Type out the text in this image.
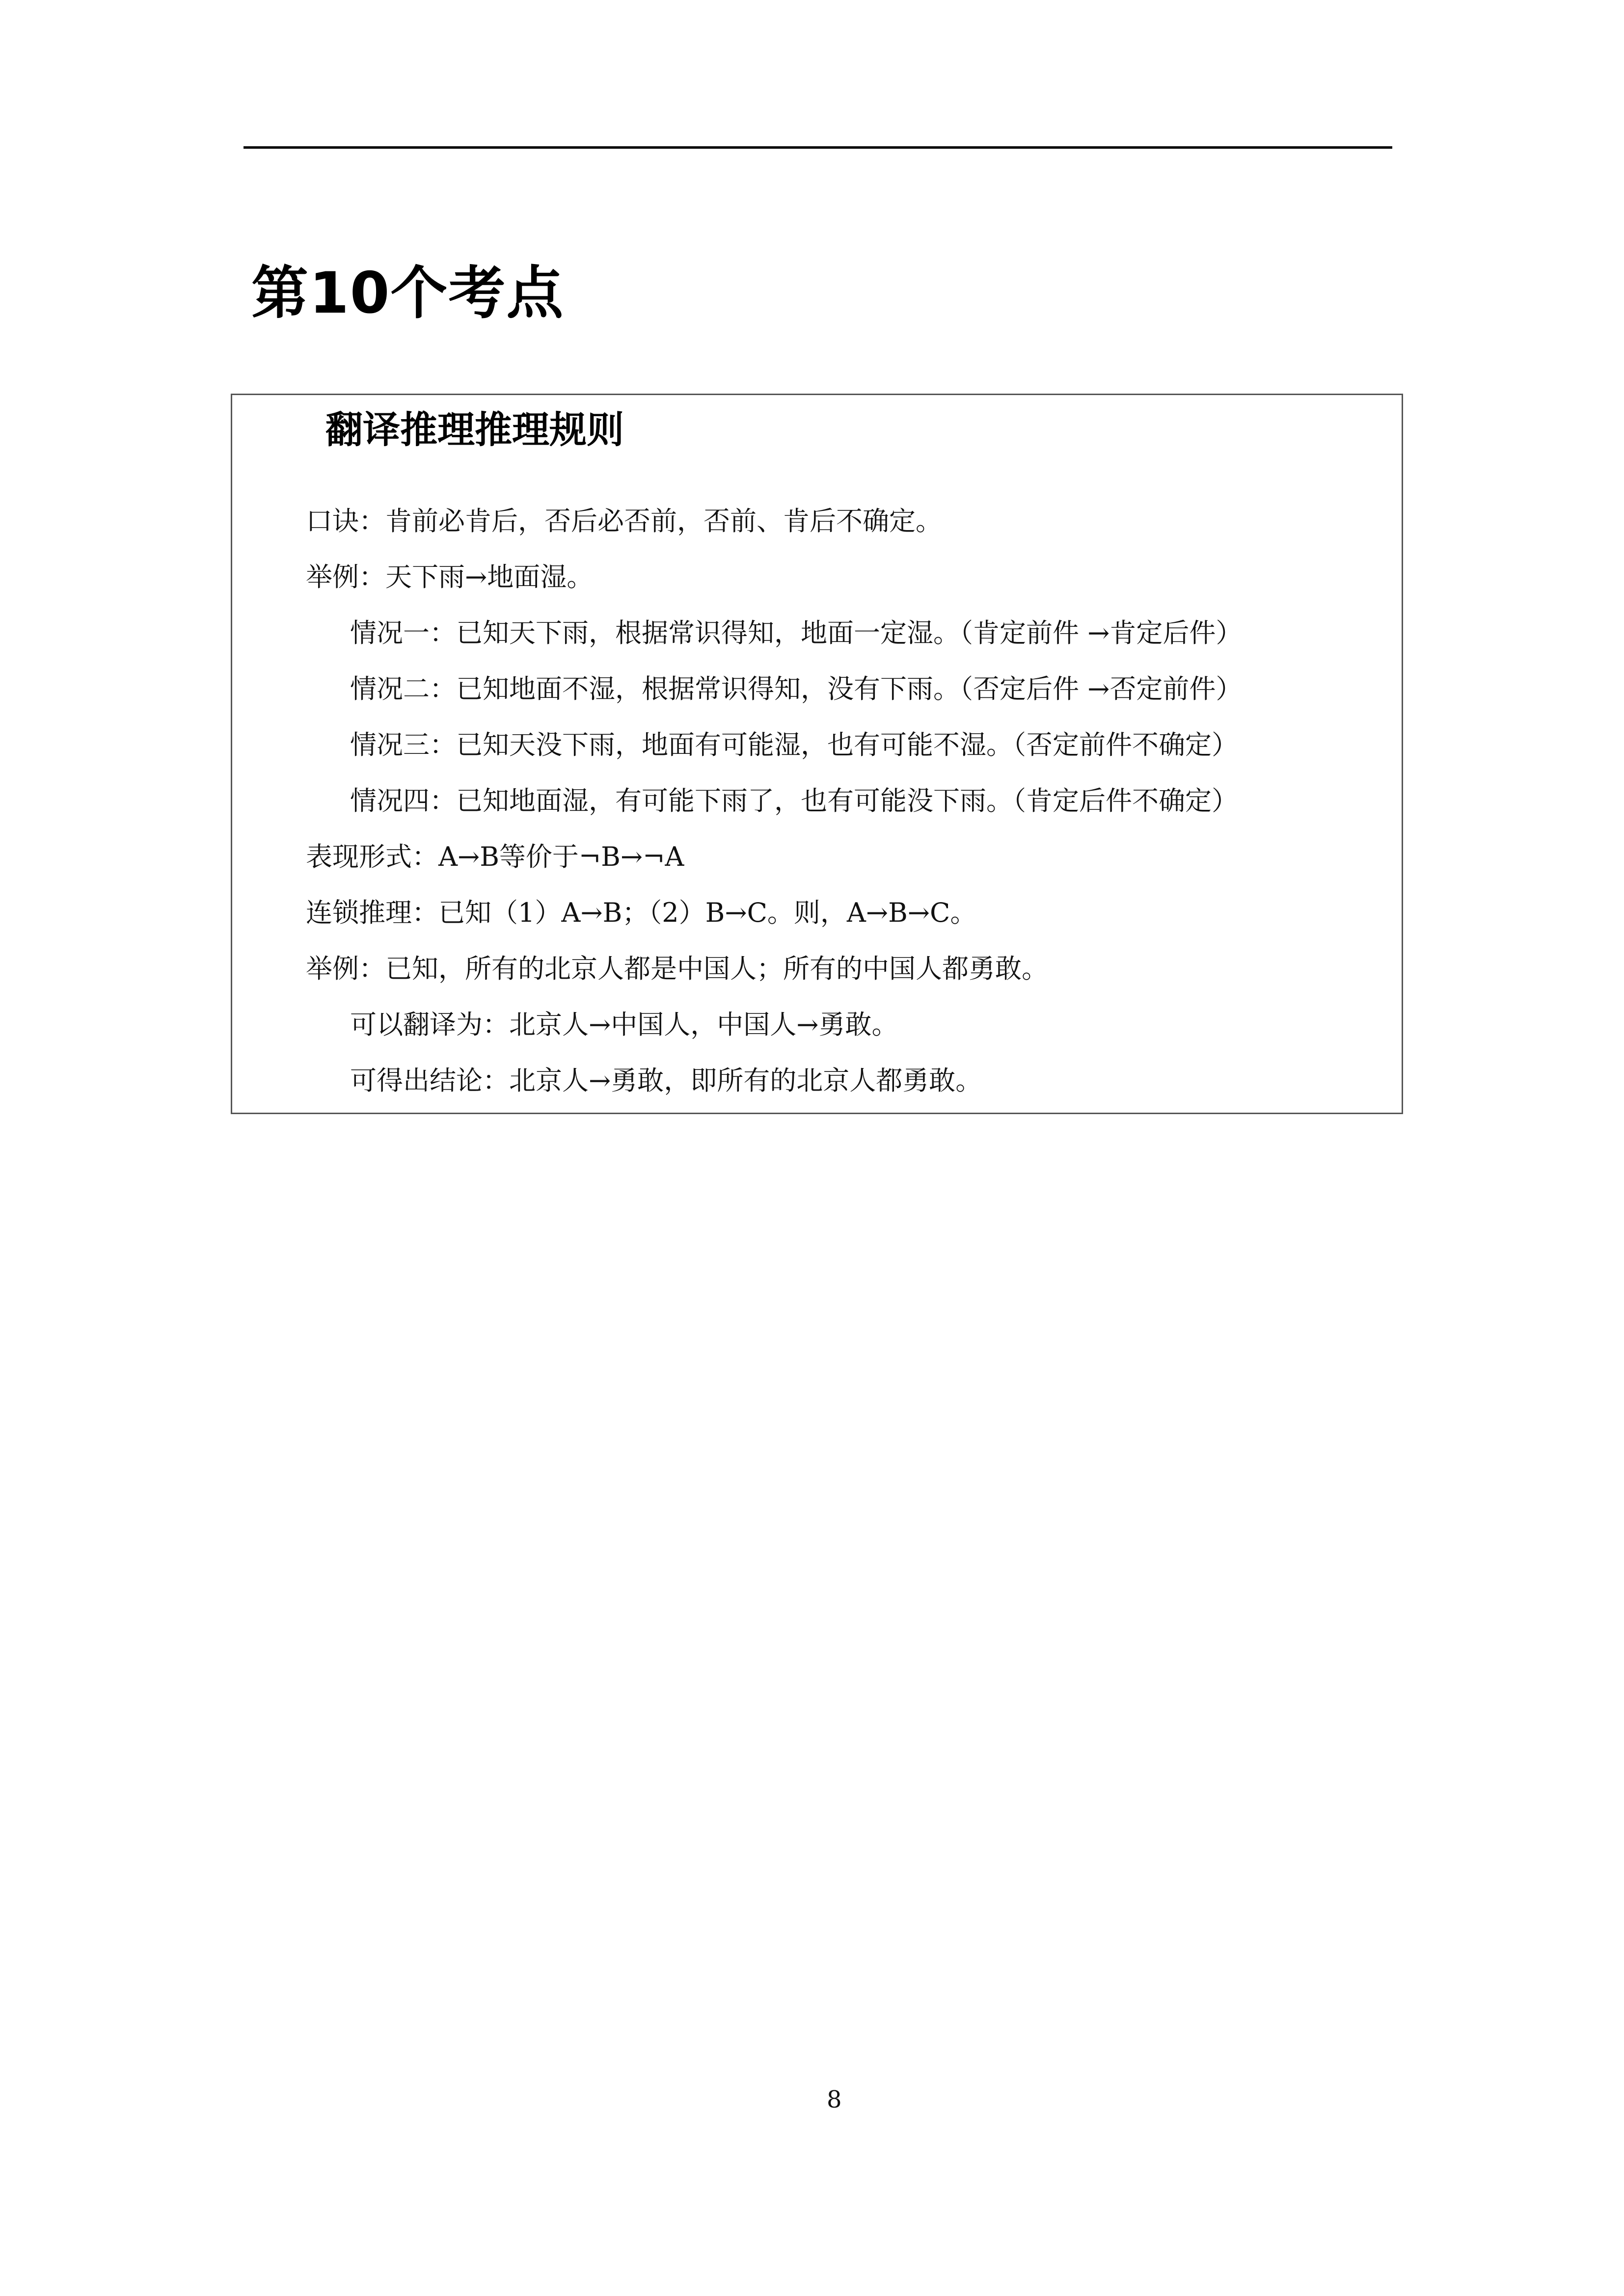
第10个考点
翻译推理推理规则
口诀：肯前必肯后，否后必否前，否前、肯后不确定。
举例：天下雨→地面湿。
情况一：已知天下雨，根据常识得知，地面一定湿。（肯定前件 →肯定后件）
情况二：已知地面不湿，根据常识得知，没有下雨。（否定后件 →否定前件）
情况三：已知天没下雨，地面有可能湿，也有可能不湿。（否定前件不确定）
情况四：已知地面湿，有可能下雨了，也有可能没下雨。（肯定后件不确定）
表现形式：A→B等价于¬B→¬A
连锁推理：已知（1）A→B；（2）B→C。则，A→B→C。
举例：已知，所有的北京人都是中国人；所有的中国人都勇敢。
可以翻译为：北京人→中国人，中国人→勇敢。
可得出结论：北京人→勇敢，即所有的北京人都勇敢。
8
